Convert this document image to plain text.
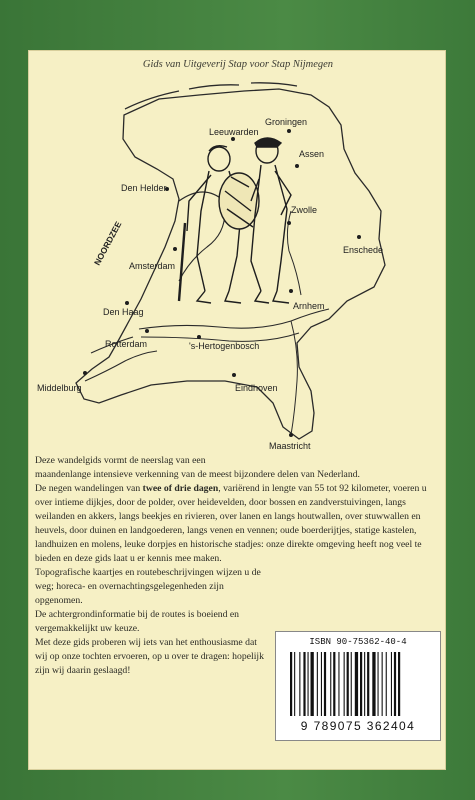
Gids van Uitgeverij Stap voor Stap Nijmegen
Groningen
Leeuwarden
Assen
Den Helder
Zwolle
Enschede
Amsterdam
Den Haag
Arnhem
Rotterdam	's-Hertogenbosch
Middelburg	Eindhoven
Maastricht
NOORDZEE

Deze wandelgids vormt de neerslag van een

maandenlange intensieve verkenning van de meest bijzondere delen van Nederland.

De negen wandelingen van twee of drie dagen, variërend in lengte van 55 tot 92 kilometer, voeren u over intieme dijkjes, door de polder, over heidevelden, door bossen en zandverstuivingen, langs weilanden en akkers, langs beekjes en rivieren, over lanen en langs houtwallen, over stuwwallen en heuvels, door duinen en landgoederen, langs venen en vennen; oude boerderijtjes, statige kastelen, landhuizen en molens, leuke dorpjes en historische stadjes: onze direkte omgeving heeft nog veel te bieden en deze gids laat u er kennis mee maken.

Topografische kaartjes en routebeschrijvingen wijzen u de weg; horeca- en overnachtingsgelegenheden zijn opgenomen.

De achtergrondinformatie bij de routes is boeiend en vergemakkelijkt uw keuze.

Met deze gids proberen wij iets van het enthousiasme dat wij op onze tochten ervoeren, op u over te dragen: hopelijk zijn wij daarin geslaagd!

ISBN 90-75362-40-4
9 789075 362404
